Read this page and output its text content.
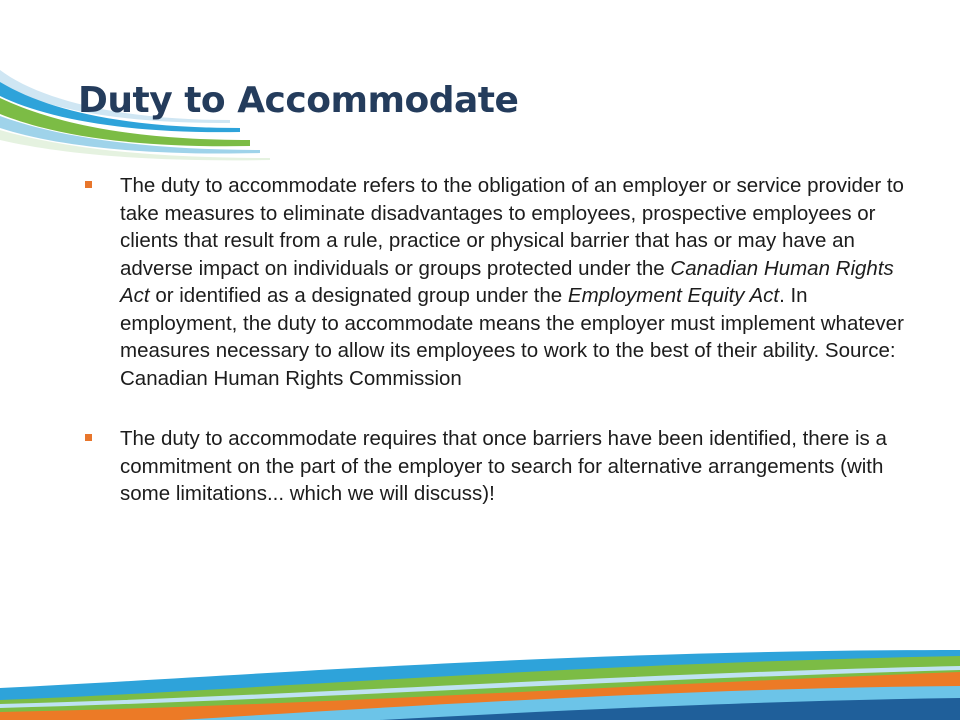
Duty to Accommodate
The duty to accommodate refers to the obligation of an employer or service provider to take measures to eliminate disadvantages to employees, prospective employees or clients that result from a rule, practice or physical barrier that has or may have an adverse impact on individuals or groups protected under the Canadian Human Rights Act or identified as a designated group under the Employment Equity Act. In employment, the duty to accommodate means the employer must implement whatever measures necessary to allow its employees to work to the best of their ability. Source: Canadian Human Rights Commission
The duty to accommodate requires that once barriers have been identified, there is a commitment on the part of the employer to search for alternative arrangements (with some limitations... which we will discuss)!
